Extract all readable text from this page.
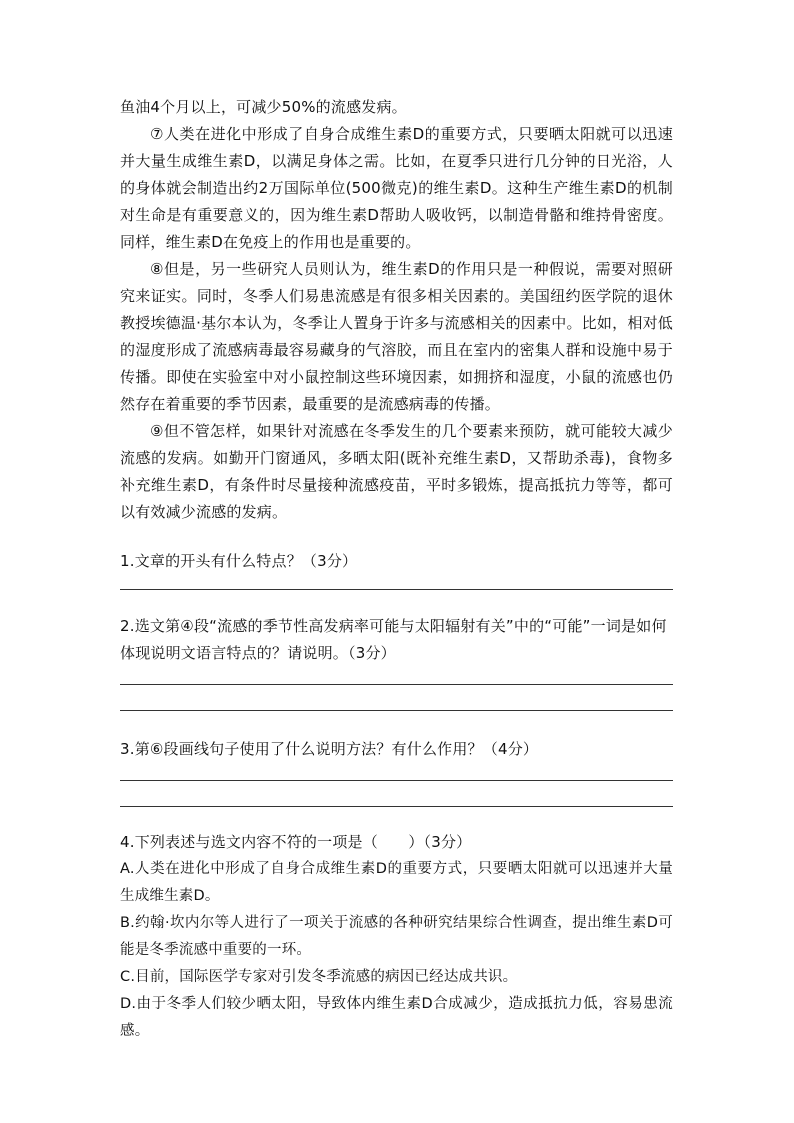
鱼油4个月以上，可减少50%的流感发病。

⑦人类在进化中形成了自身合成维生素D的重要方式，只要晒太阳就可以迅速并大量生成维生素D，以满足身体之需。比如，在夏季只进行几分钟的日光浴，人的身体就会制造出约2万国际单位(500微克)的维生素D。这种生产维生素D的机制对生命是有重要意义的，因为维生素D帮助人吸收钙，以制造骨骼和维持骨密度。同样，维生素D在免疫上的作用也是重要的。

⑧但是，另一些研究人员则认为，维生素D的作用只是一种假说，需要对照研究来证实。同时，冬季人们易患流感是有很多相关因素的。美国纽约医学院的退休教授埃德温·基尔本认为，冬季让人置身于许多与流感相关的因素中。比如，相对低的湿度形成了流感病毒最容易藏身的气溶胶，而且在室内的密集人群和设施中易于传播。即使在实验室中对小鼠控制这些环境因素，如拥挤和湿度，小鼠的流感也仍然存在着重要的季节因素，最重要的是流感病毒的传播。

⑨但不管怎样，如果针对流感在冬季发生的几个要素来预防，就可能较大减少流感的发病。如勤开门窗通风，多晒太阳(既补充维生素D，又帮助杀毒)，食物多补充维生素D，有条件时尽量接种流感疫苗，平时多锻炼，提高抵抗力等等，都可以有效减少流感的发病。

1.文章的开头有什么特点？（3分）

2.选文第④段“流感的季节性高发病率可能与太阳辐射有关”中的“可能”一词是如何体现说明文语言特点的？请说明。（3分）

3.第⑥段画线句子使用了什么说明方法？有什么作用？（4分）

4.下列表述与选文内容不符的一项是（　　）（3分）

A.人类在进化中形成了自身合成维生素D的重要方式，只要晒太阳就可以迅速并大量生成维生素D。

B.约翰·坎内尔等人进行了一项关于流感的各种研究结果综合性调查，提出维生素D可能是冬季流感中重要的一环。

C.目前，国际医学专家对引发冬季流感的病因已经达成共识。

D.由于冬季人们较少晒太阳，导致体内维生素D合成减少，造成抵抗力低，容易患流感。
